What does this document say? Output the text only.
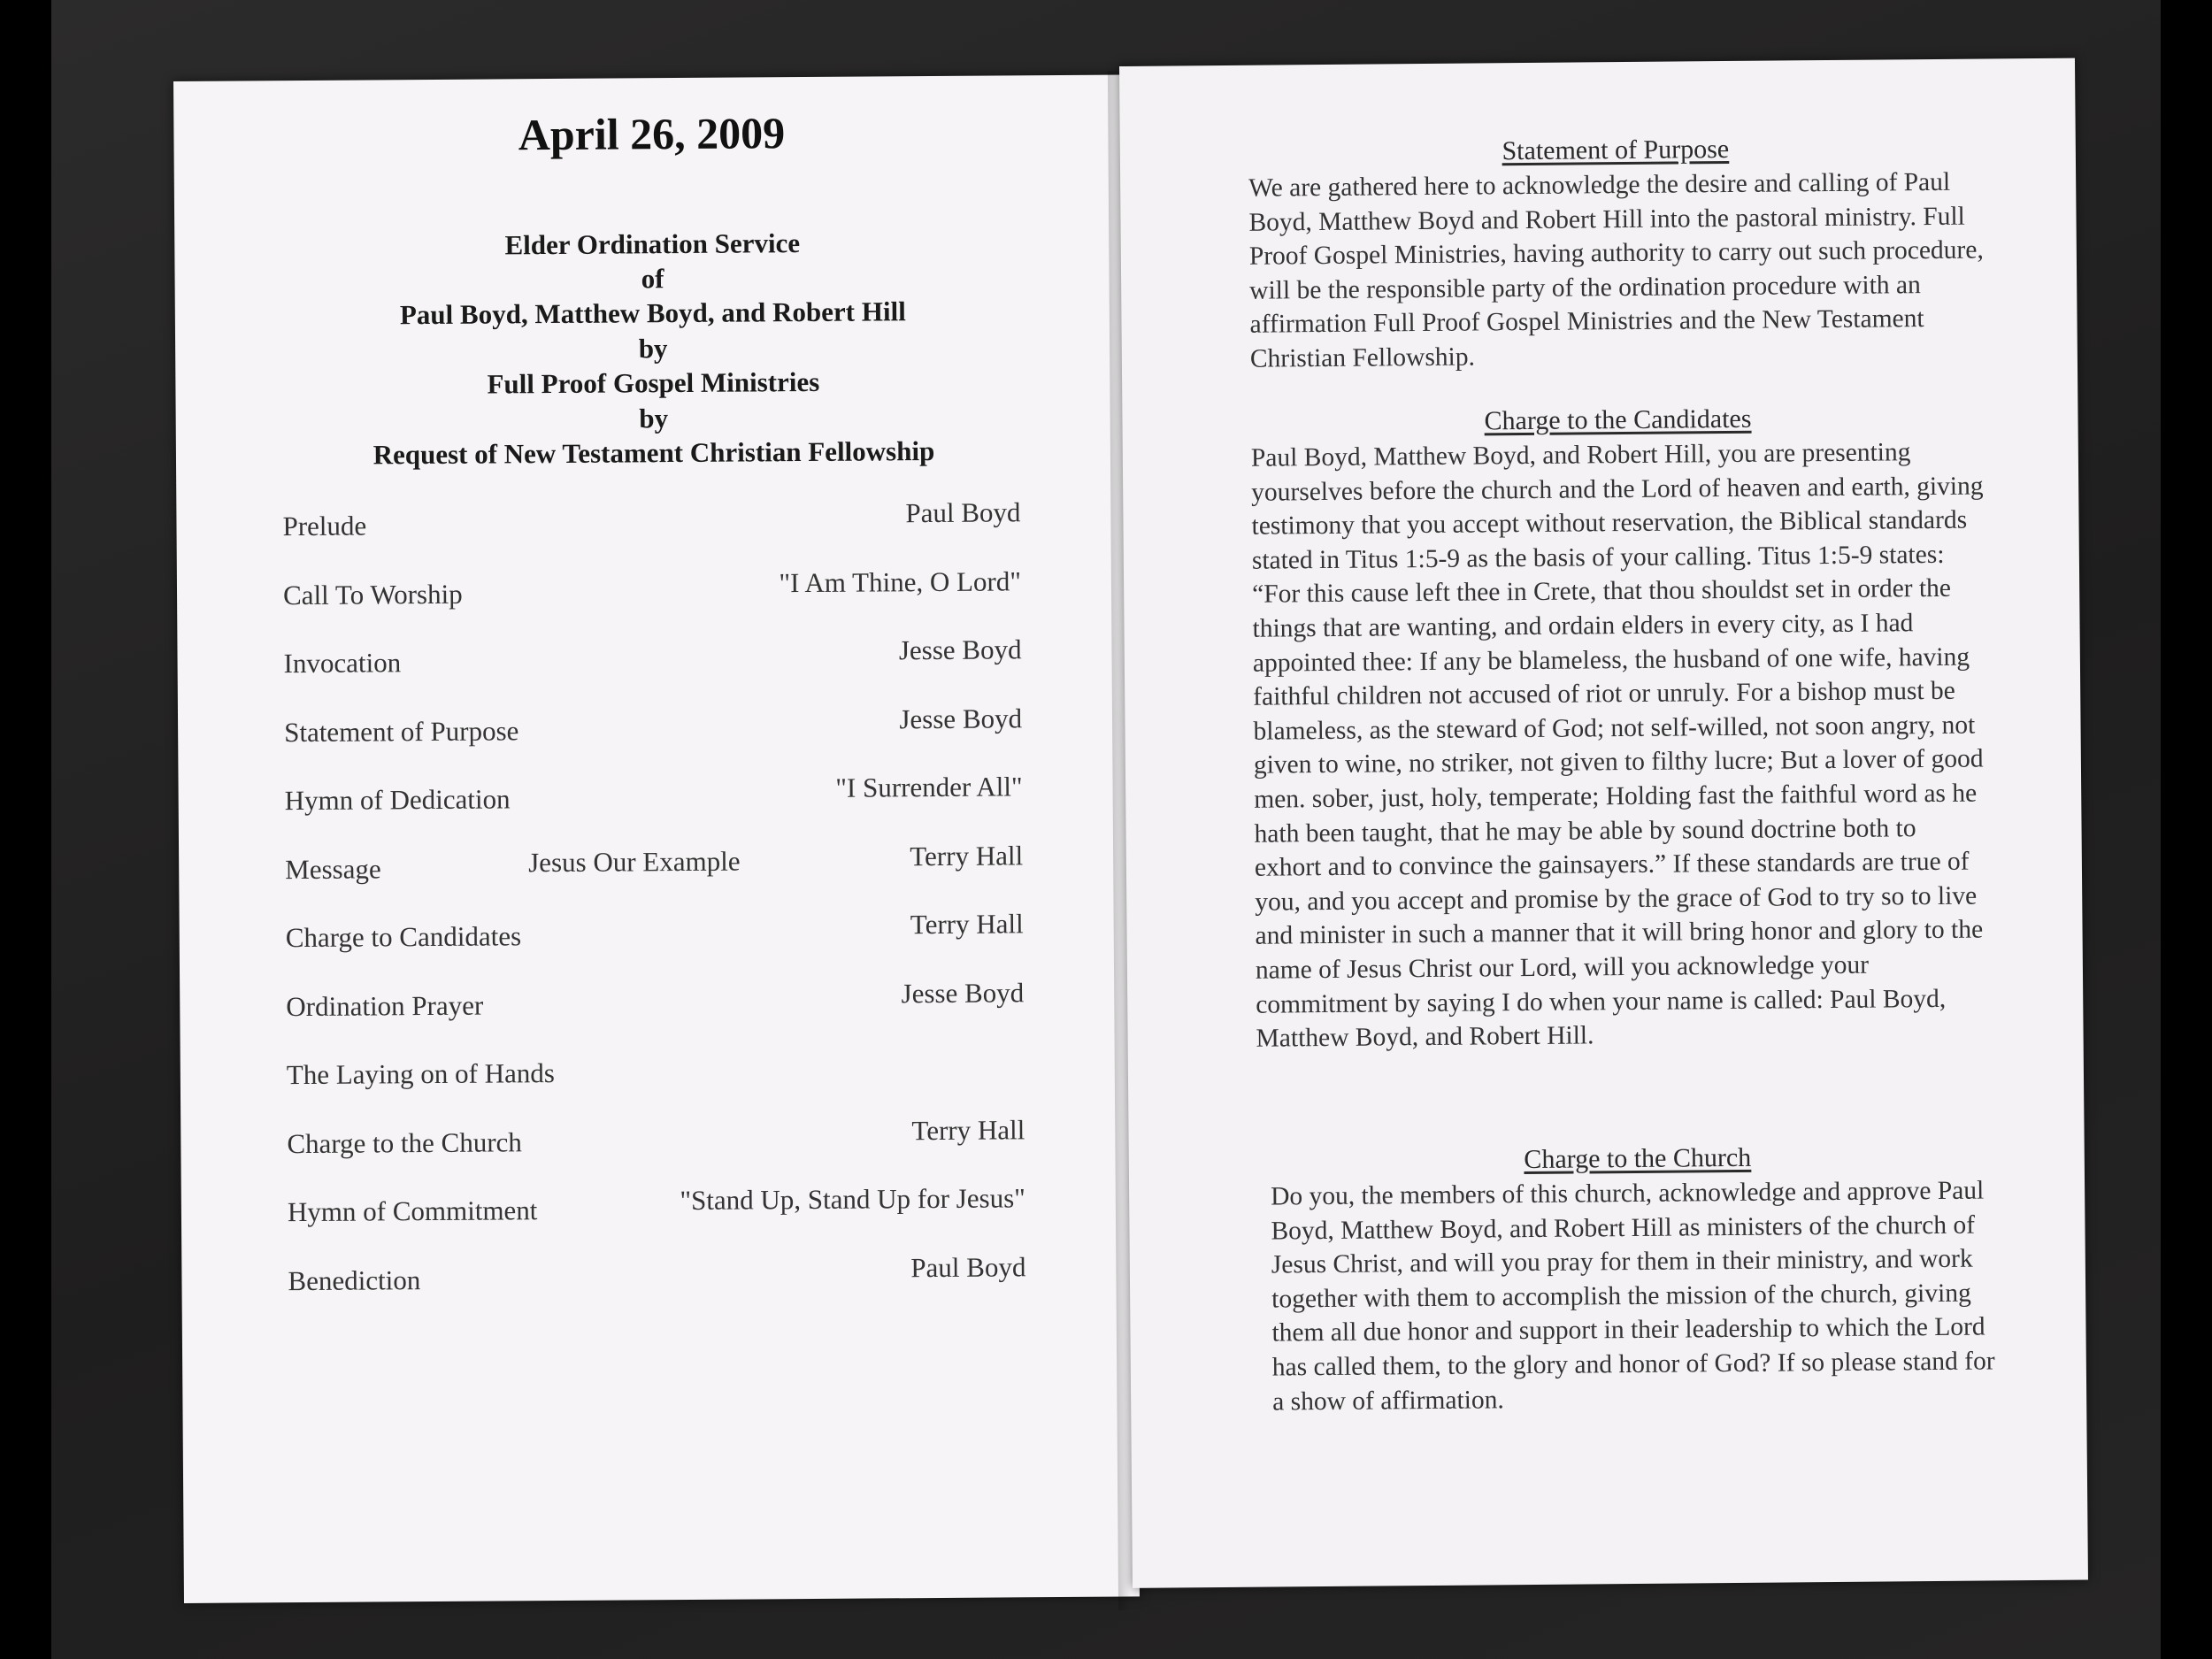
April 26, 2009
Elder Ordination Service
of
Paul Boyd, Matthew Boyd, and Robert Hill
by
Full Proof Gospel Ministries
by
Request of New Testament Christian Fellowship
Prelude	Paul Boyd
Call To Worship	"I Am Thine, O Lord"
Invocation	Jesse Boyd
Statement of Purpose	Jesse Boyd
Hymn of Dedication	"I Surrender All"
Message	Jesus Our Example	Terry Hall
Charge to Candidates	Terry Hall
Ordination Prayer	Jesse Boyd
The Laying on of Hands
Charge to the Church	Terry Hall
Hymn of Commitment	"Stand Up, Stand Up for Jesus"
Benediction	Paul Boyd
Statement of Purpose

We are gathered here to acknowledge the desire and calling of Paul Boyd, Matthew Boyd and Robert Hill into the pastoral ministry. Full Proof Gospel Ministries, having authority to carry out such procedure, will be the responsible party of the ordination procedure with an affirmation Full Proof Gospel Ministries and the New Testament Christian Fellowship.

Charge to the Candidates

Paul Boyd, Matthew Boyd, and Robert Hill, you are presenting yourselves before the church and the Lord of heaven and earth, giving testimony that you accept without reservation, the Biblical standards stated in Titus 1:5-9 as the basis of your calling. Titus 1:5-9 states: “For this cause left thee in Crete, that thou shouldst set in order the things that are wanting, and ordain elders in every city, as I had appointed thee: If any be blameless, the husband of one wife, having faithful children not accused of riot or unruly. For a bishop must be blameless, as the steward of God; not self-willed, not soon angry, not given to wine, no striker, not given to filthy lucre; But a lover of good men. sober, just, holy, temperate; Holding fast the faithful word as he hath been taught, that he may be able by sound doctrine both to exhort and to convince the gainsayers.” If these standards are true of you, and you accept and promise by the grace of God to try so to live and minister in such a manner that it will bring honor and glory to the name of Jesus Christ our Lord, will you acknowledge your commitment by saying I do when your name is called: Paul Boyd, Matthew Boyd, and Robert Hill.

Charge to the Church

Do you, the members of this church, acknowledge and approve Paul Boyd, Matthew Boyd, and Robert Hill as ministers of the church of Jesus Christ, and will you pray for them in their ministry, and work together with them to accomplish the mission of the church, giving them all due honor and support in their leadership to which the Lord has called them, to the glory and honor of God? If so please stand for a show of affirmation.
